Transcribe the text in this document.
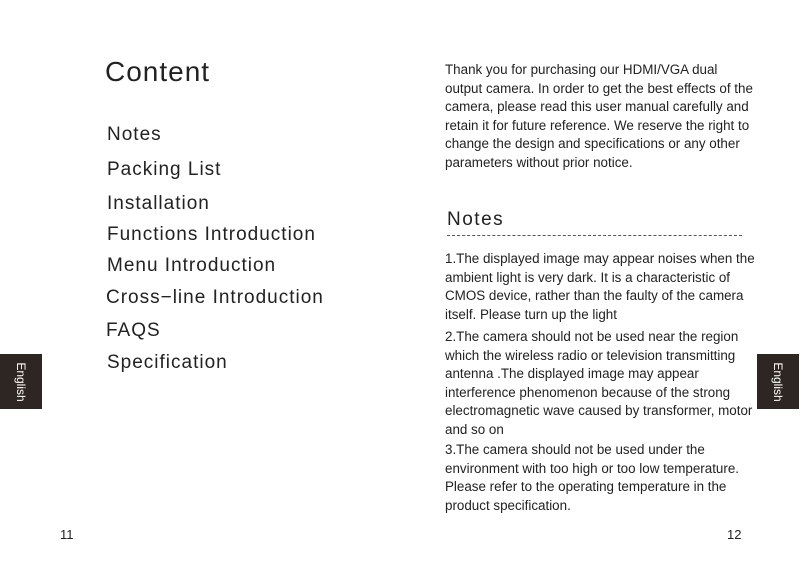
Content
Notes
Packing List
Installation
Functions Introduction
Menu Introduction
Cross−line Introduction
FAQS
Specification
English
11
Thank you for purchasing our HDMI/VGA dual output camera. In order to get the best effects of the camera, please read this user manual carefully and retain it for future reference. We reserve the right to change the design and specifications or any other parameters without prior notice.
Notes
1.The displayed image may appear noises when the ambient light is very dark. It is a characteristic of CMOS device, rather than the faulty of the camera itself. Please turn up the light
2.The camera should not be used near the region which the wireless radio or television transmitting antenna .The displayed image may appear interference phenomenon because of the strong electromagnetic wave caused by transformer, motor and so on
3.The camera should not be used under the environment with too high or too low temperature. Please refer to the operating temperature in the product specification.
English
12
